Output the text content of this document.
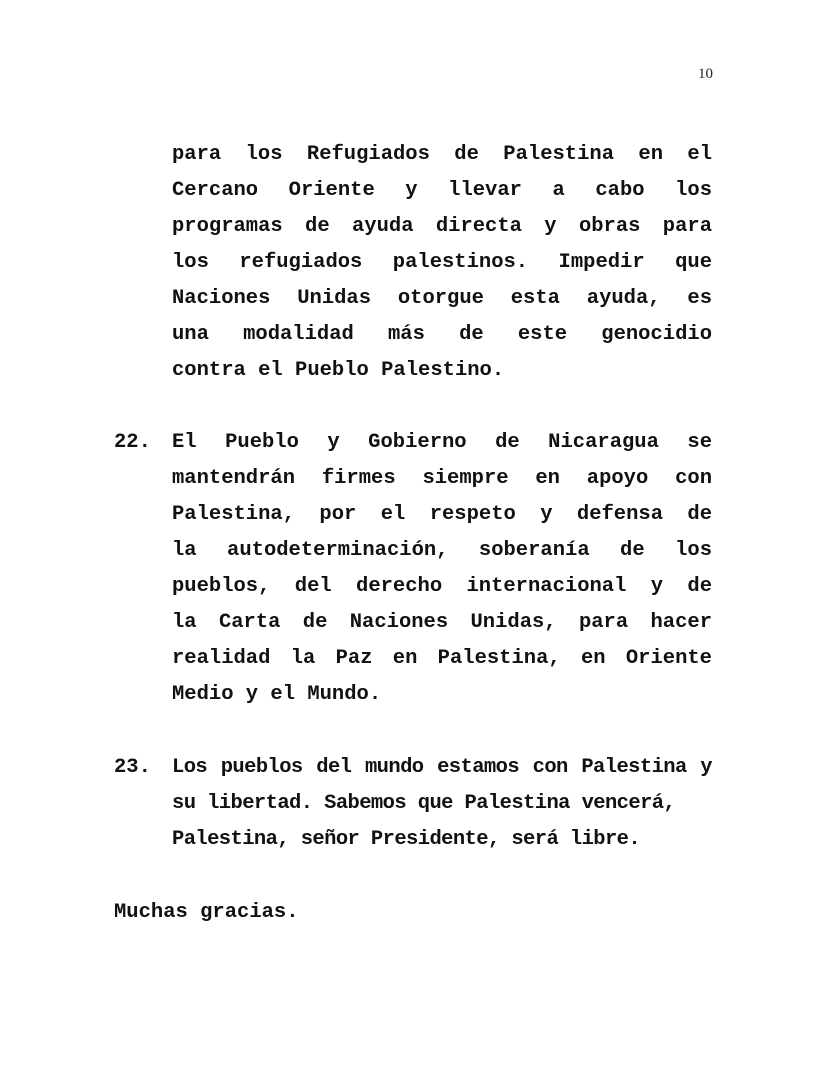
10
para los Refugiados de Palestina en el
Cercano Oriente y llevar a cabo los
programas de ayuda directa y obras para
los refugiados palestinos. Impedir que
Naciones Unidas otorgue esta ayuda, es
una modalidad más de este genocidio
contra el Pueblo Palestino.
22. El Pueblo y Gobierno de Nicaragua se
mantendrán firmes siempre en apoyo con
Palestina, por el respeto y defensa de
la autodeterminación, soberanía de los
pueblos, del derecho internacional y de
la Carta de Naciones Unidas, para hacer
realidad la Paz en Palestina, en Oriente
Medio y el Mundo.
23. Los pueblos del mundo estamos con Palestina y
su libertad. Sabemos que Palestina vencerá,
Palestina, señor Presidente, será libre.
Muchas gracias.
